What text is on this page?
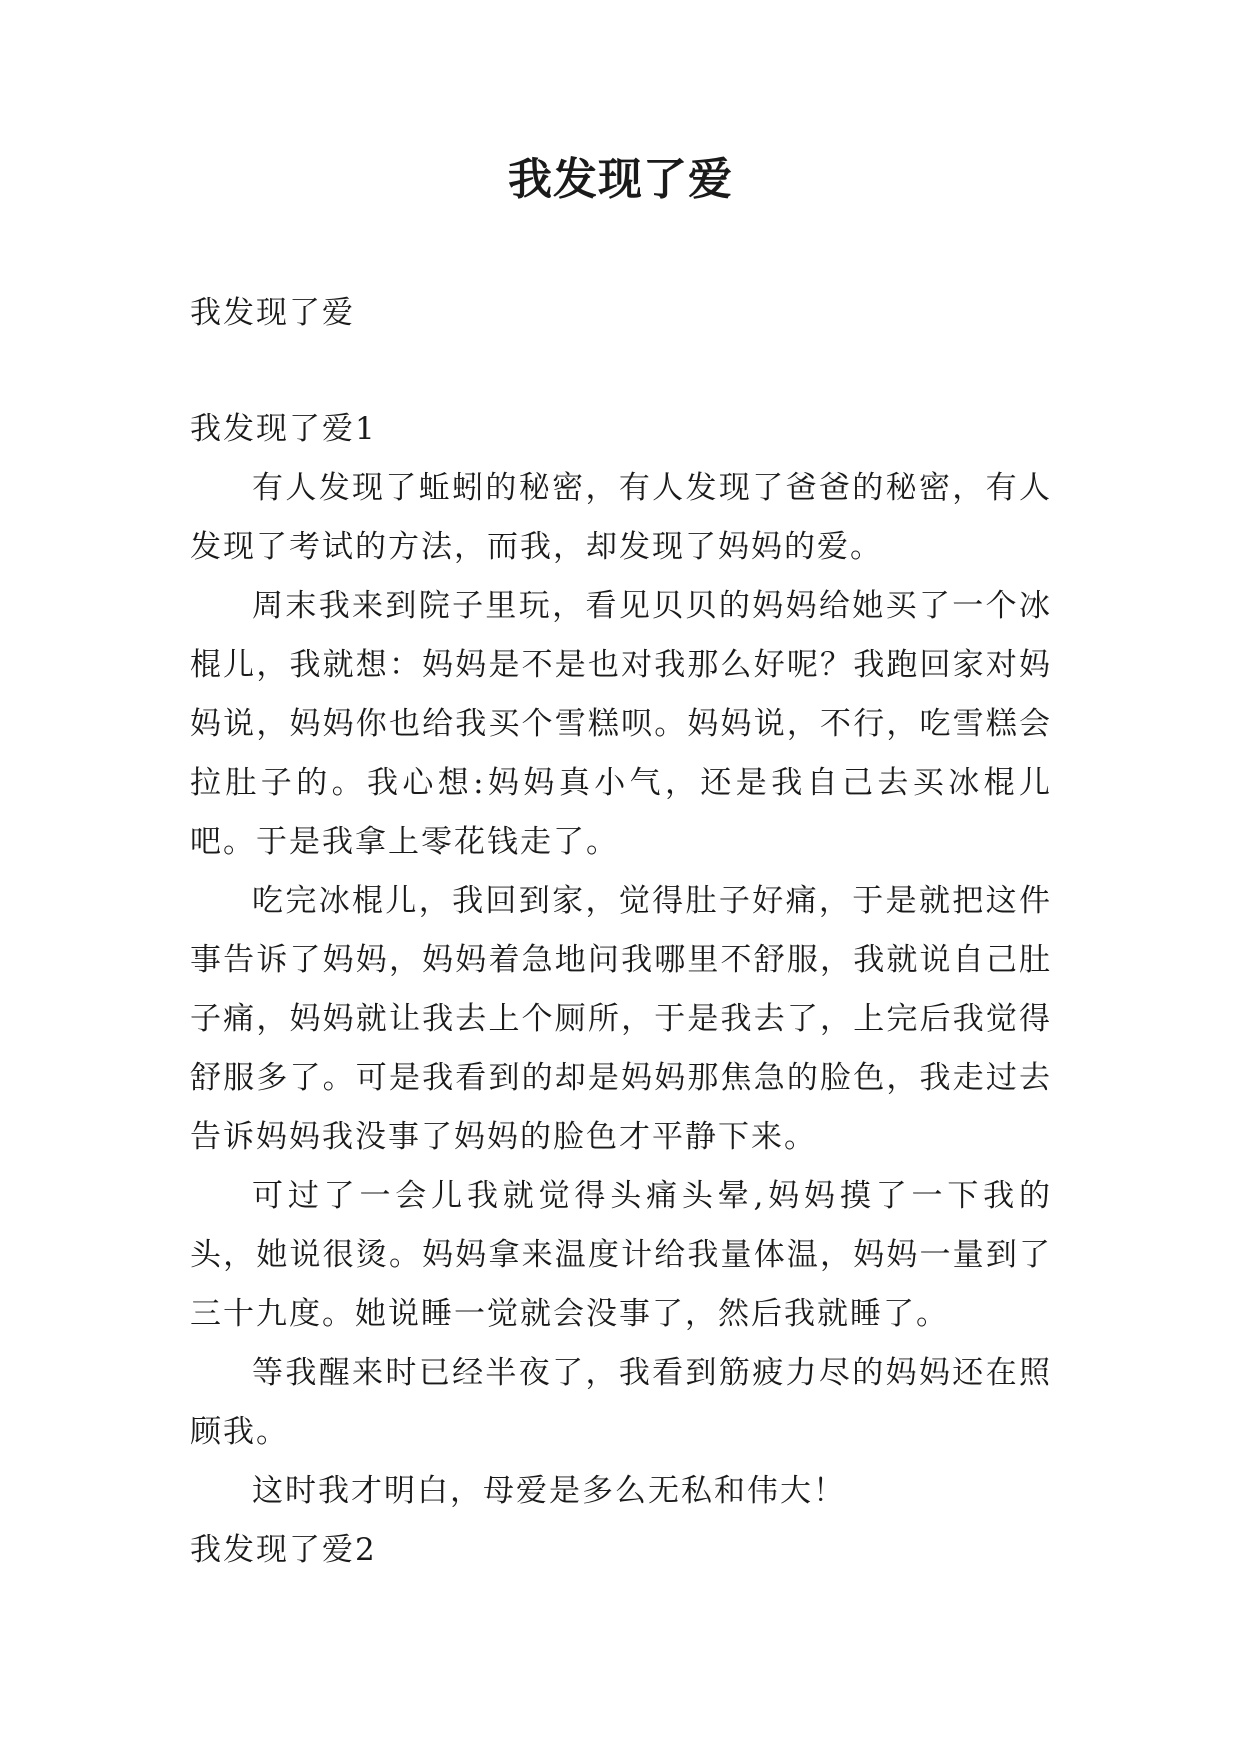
我发现了爱

我发现了爱

我发现了爱1

有人发现了蚯蚓的秘密，有人发现了爸爸的秘密，有人发现了考试的方法，而我，却发现了妈妈的爱。

周末我来到院子里玩，看见贝贝的妈妈给她买了一个冰棍儿，我就想：妈妈是不是也对我那么好呢？我跑回家对妈妈说，妈妈你也给我买个雪糕呗。妈妈说，不行，吃雪糕会拉肚子的。我心想:妈妈真小气，还是我自己去买冰棍儿吧。于是我拿上零花钱走了。

吃完冰棍儿，我回到家，觉得肚子好痛，于是就把这件事告诉了妈妈，妈妈着急地问我哪里不舒服，我就说自己肚子痛，妈妈就让我去上个厕所，于是我去了，上完后我觉得舒服多了。可是我看到的却是妈妈那焦急的脸色，我走过去告诉妈妈我没事了妈妈的脸色才平静下来。

可过了一会儿我就觉得头痛头晕,妈妈摸了一下我的头，她说很烫。妈妈拿来温度计给我量体温，妈妈一量到了三十九度。她说睡一觉就会没事了，然后我就睡了。

等我醒来时已经半夜了，我看到筋疲力尽的妈妈还在照顾我。

这时我才明白，母爱是多么无私和伟大！

我发现了爱2
